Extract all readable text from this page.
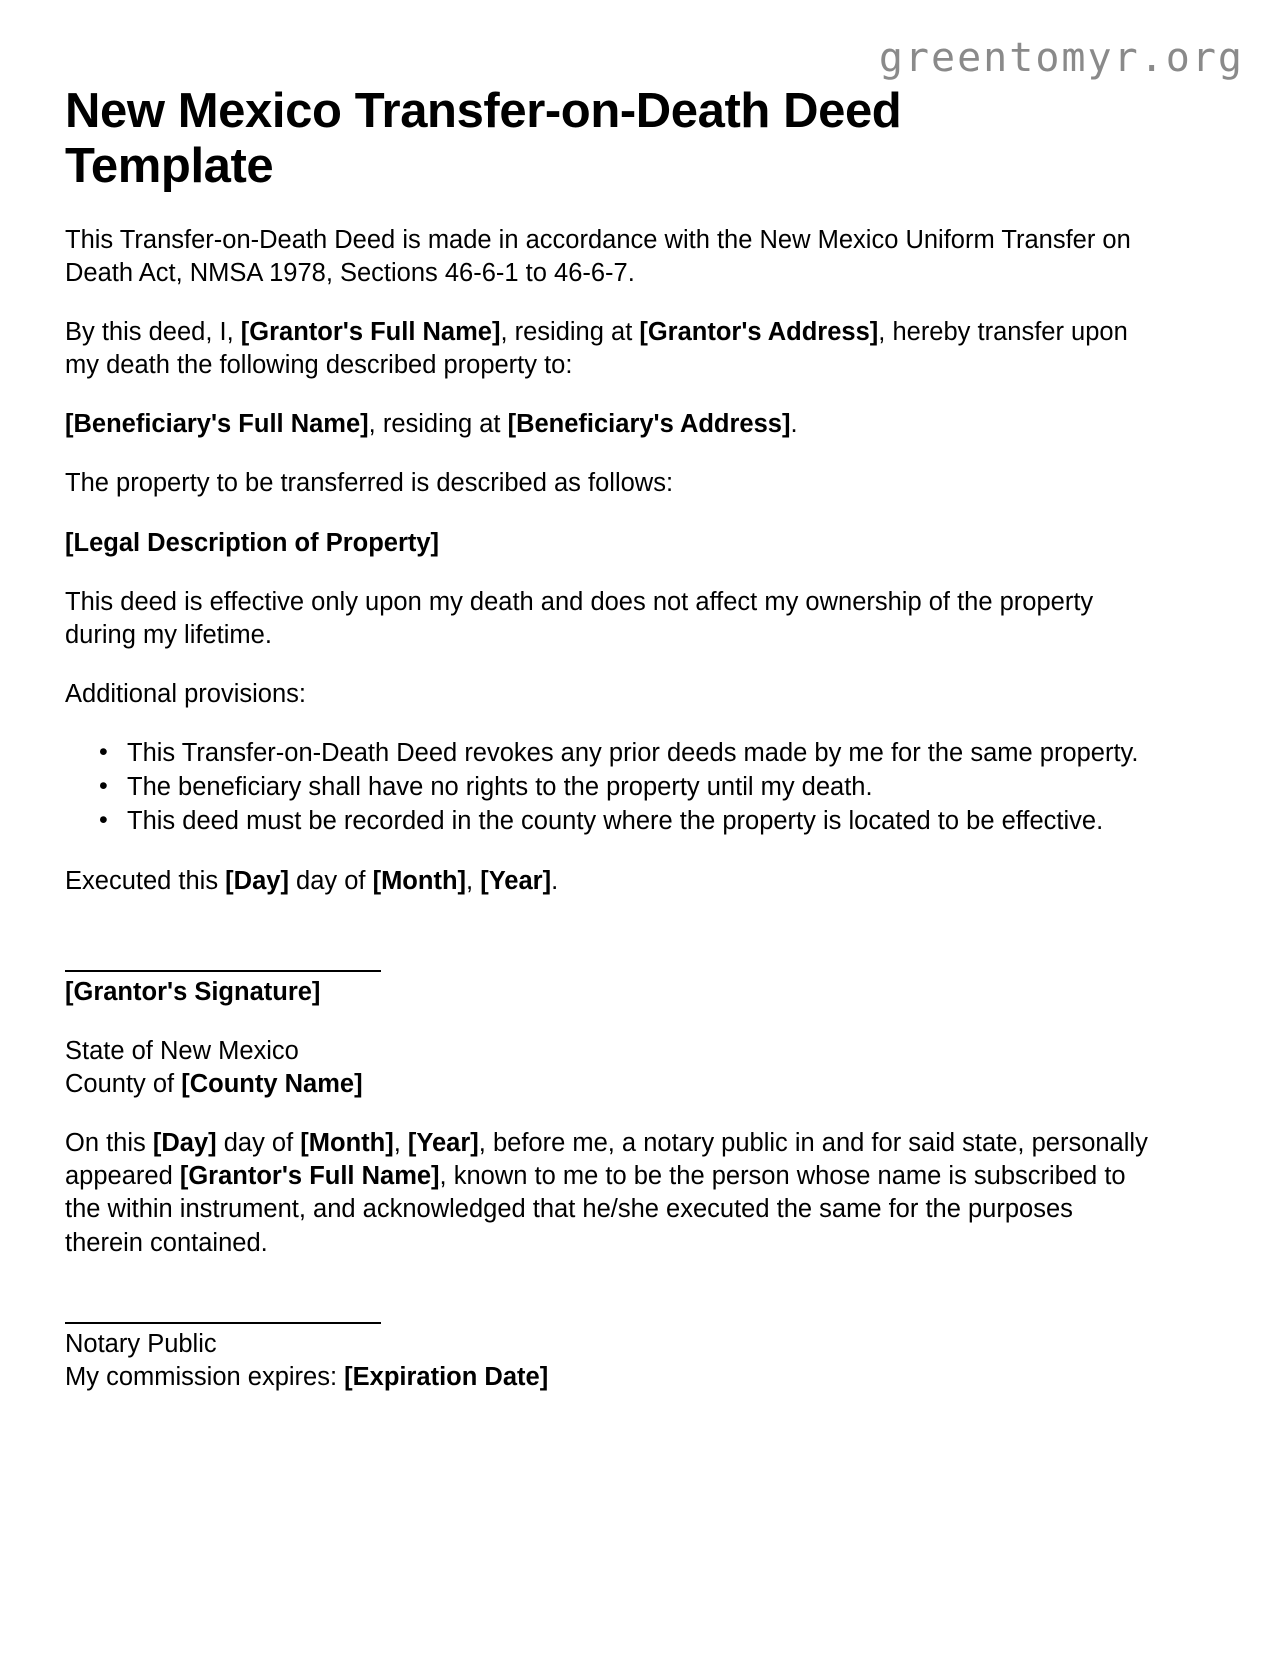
greentomyr.org
New Mexico Transfer-on-Death Deed Template

This Transfer-on-Death Deed is made in accordance with the New Mexico Uniform Transfer on Death Act, NMSA 1978, Sections 46-6-1 to 46-6-7.

By this deed, I, [Grantor's Full Name], residing at [Grantor's Address], hereby transfer upon my death the following described property to:

[Beneficiary's Full Name], residing at [Beneficiary's Address].

The property to be transferred is described as follows:

[Legal Description of Property]

This deed is effective only upon my death and does not affect my ownership of the property during my lifetime.

Additional provisions:

• This Transfer-on-Death Deed revokes any prior deeds made by me for the same property.
• The beneficiary shall have no rights to the property until my death.
• This deed must be recorded in the county where the property is located to be effective.

Executed this [Day] day of [Month], [Year].

[Grantor's Signature]
State of New Mexico
County of [County Name]

On this [Day] day of [Month], [Year], before me, a notary public in and for said state, personally appeared [Grantor's Full Name], known to me to be the person whose name is subscribed to the within instrument, and acknowledged that he/she executed the same for the purposes therein contained.

Notary Public
My commission expires: [Expiration Date]
